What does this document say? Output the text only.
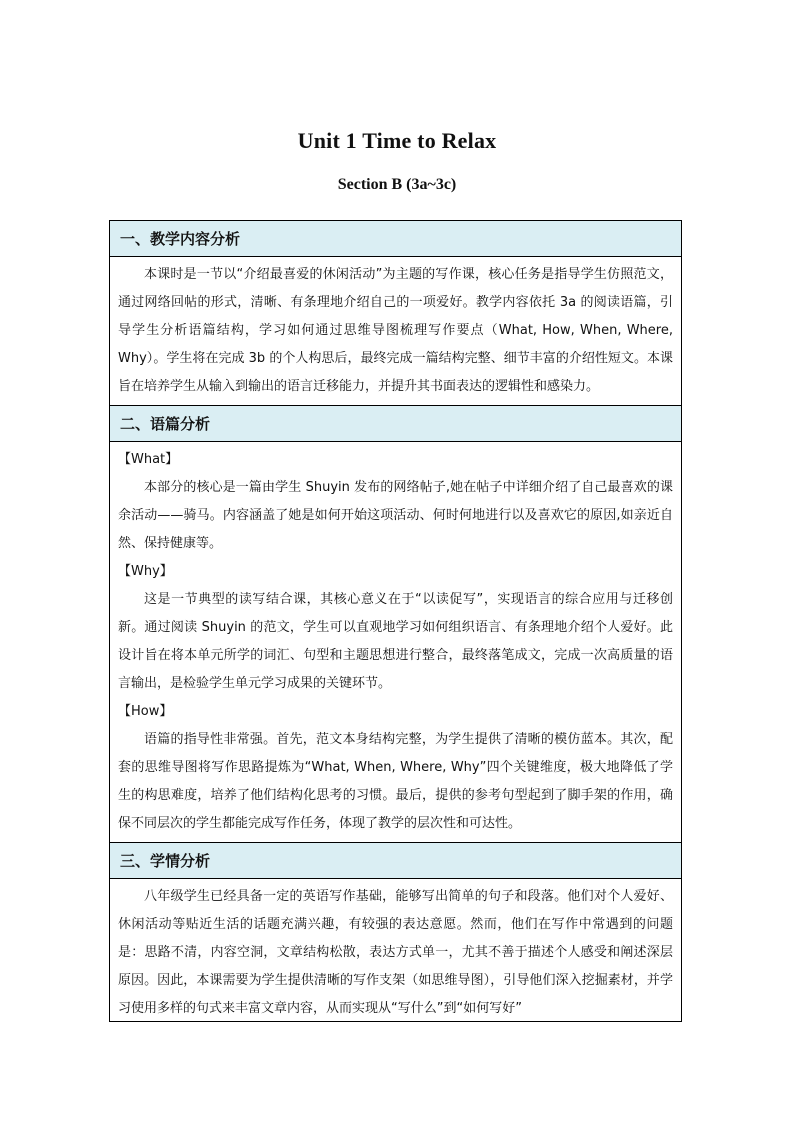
Unit 1 Time to Relax
Section B (3a~3c)
一、教学内容分析

本课时是一节以“介绍最喜爱的休闲活动”为主题的写作课，核心任务是指导学生仿照范文，通过网络回帖的形式，清晰、有条理地介绍自己的一项爱好。教学内容依托 3a 的阅读语篇，引导学生分析语篇结构，学习如何通过思维导图梳理写作要点（What, How, When, Where, Why）。学生将在完成 3b 的个人构思后，最终完成一篇结构完整、细节丰富的介绍性短文。本课旨在培养学生从输入到输出的语言迁移能力，并提升其书面表达的逻辑性和感染力。

二、语篇分析

【What】

本部分的核心是一篇由学生 Shuyin 发布的网络帖子,她在帖子中详细介绍了自己最喜欢的课余活动——骑马。内容涵盖了她是如何开始这项活动、何时何地进行以及喜欢它的原因,如亲近自然、保持健康等。

【Why】

这是一节典型的读写结合课，其核心意义在于“以读促写”，实现语言的综合应用与迁移创新。通过阅读 Shuyin 的范文，学生可以直观地学习如何组织语言、有条理地介绍个人爱好。此设计旨在将本单元所学的词汇、句型和主题思想进行整合，最终落笔成文，完成一次高质量的语言输出，是检验学生单元学习成果的关键环节。

【How】

语篇的指导性非常强。首先，范文本身结构完整，为学生提供了清晰的模仿蓝本。其次，配套的思维导图将写作思路提炼为“What, When, Where, Why”四个关键维度，极大地降低了学生的构思难度，培养了他们结构化思考的习惯。最后，提供的参考句型起到了脚手架的作用，确保不同层次的学生都能完成写作任务，体现了教学的层次性和可达性。

三、学情分析

八年级学生已经具备一定的英语写作基础，能够写出简单的句子和段落。他们对个人爱好、休闲活动等贴近生活的话题充满兴趣，有较强的表达意愿。然而，他们在写作中常遇到的问题是：思路不清，内容空洞，文章结构松散，表达方式单一，尤其不善于描述个人感受和阐述深层原因。因此，本课需要为学生提供清晰的写作支架（如思维导图），引导他们深入挖掘素材，并学习使用多样的句式来丰富文章内容，从而实现从“写什么”到“如何写好”
